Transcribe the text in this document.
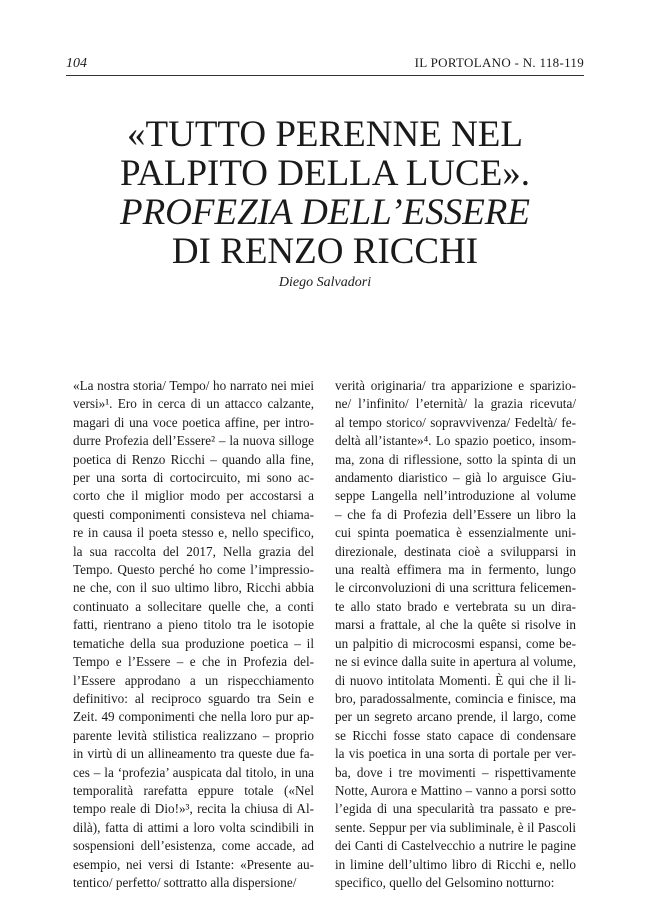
104	IL PORTOLANO - N. 118-119
«TUTTO PERENNE NEL
PALPITO DELLA LUCE».
PROFEZIA DELL’ESSERE
DI RENZO RICCHI
Diego Salvadori
«La nostra storia/ Tempo/ ho narrato nei miei
versi»¹. Ero in cerca di un attacco calzante,
magari di una voce poetica affine, per intro-
durre Profezia dell’Essere² – la nuova silloge
poetica di Renzo Ricchi – quando alla fine,
per una sorta di cortocircuito, mi sono ac-
corto che il miglior modo per accostarsi a
questi componimenti consisteva nel chiama-
re in causa il poeta stesso e, nello specifico,
la sua raccolta del 2017, Nella grazia del
Tempo. Questo perché ho come l’impressio-
ne che, con il suo ultimo libro, Ricchi abbia
continuato a sollecitare quelle che, a conti
fatti, rientrano a pieno titolo tra le isotopie
tematiche della sua produzione poetica – il
Tempo e l’Essere – e che in Profezia del-
l’Essere approdano a un rispecchiamento
definitivo: al reciproco sguardo tra Sein e
Zeit. 49 componimenti che nella loro pur ap-
parente levità stilistica realizzano – proprio
in virtù di un allineamento tra queste due fa-
ces – la ‘profezia’ auspicata dal titolo, in una
temporalità rarefatta eppure totale («Nel
tempo reale di Dio!»³, recita la chiusa di Al-
dilà), fatta di attimi a loro volta scindibili in
sospensioni dell’esistenza, come accade, ad
esempio, nei versi di Istante: «Presente au-
tentico/ perfetto/ sottratto alla dispersione/
verità originaria/ tra apparizione e sparizio-
ne/ l’infinito/ l’eternità/ la grazia ricevuta/
al tempo storico/ sopravvivenza/ Fedeltà/ fe-
deltà all’istante»⁴. Lo spazio poetico, insom-
ma, zona di riflessione, sotto la spinta di un
andamento diaristico – già lo arguisce Giu-
seppe Langella nell’introduzione al volume
– che fa di Profezia dell’Essere un libro la
cui spinta poematica è essenzialmente uni-
direzionale, destinata cioè a svilupparsi in
una realtà effimera ma in fermento, lungo
le circonvoluzioni di una scrittura felicemen-
te allo stato brado e vertebrata su un dira-
marsi a frattale, al che la quête si risolve in
un palpitio di microcosmi espansi, come be-
ne si evince dalla suite in apertura al volume,
di nuovo intitolata Momenti. È qui che il li-
bro, paradossalmente, comincia e finisce, ma
per un segreto arcano prende, il largo, come
se Ricchi fosse stato capace di condensare
la vis poetica in una sorta di portale per ver-
ba, dove i tre movimenti – rispettivamente
Notte, Aurora e Mattino – vanno a porsi sotto
l’egida di una specularità tra passato e pre-
sente. Seppur per via subliminale, è il Pascoli
dei Canti di Castelvecchio a nutrire le pagine
in limine dell’ultimo libro di Ricchi e, nello
specifico, quello del Gelsomino notturno:
